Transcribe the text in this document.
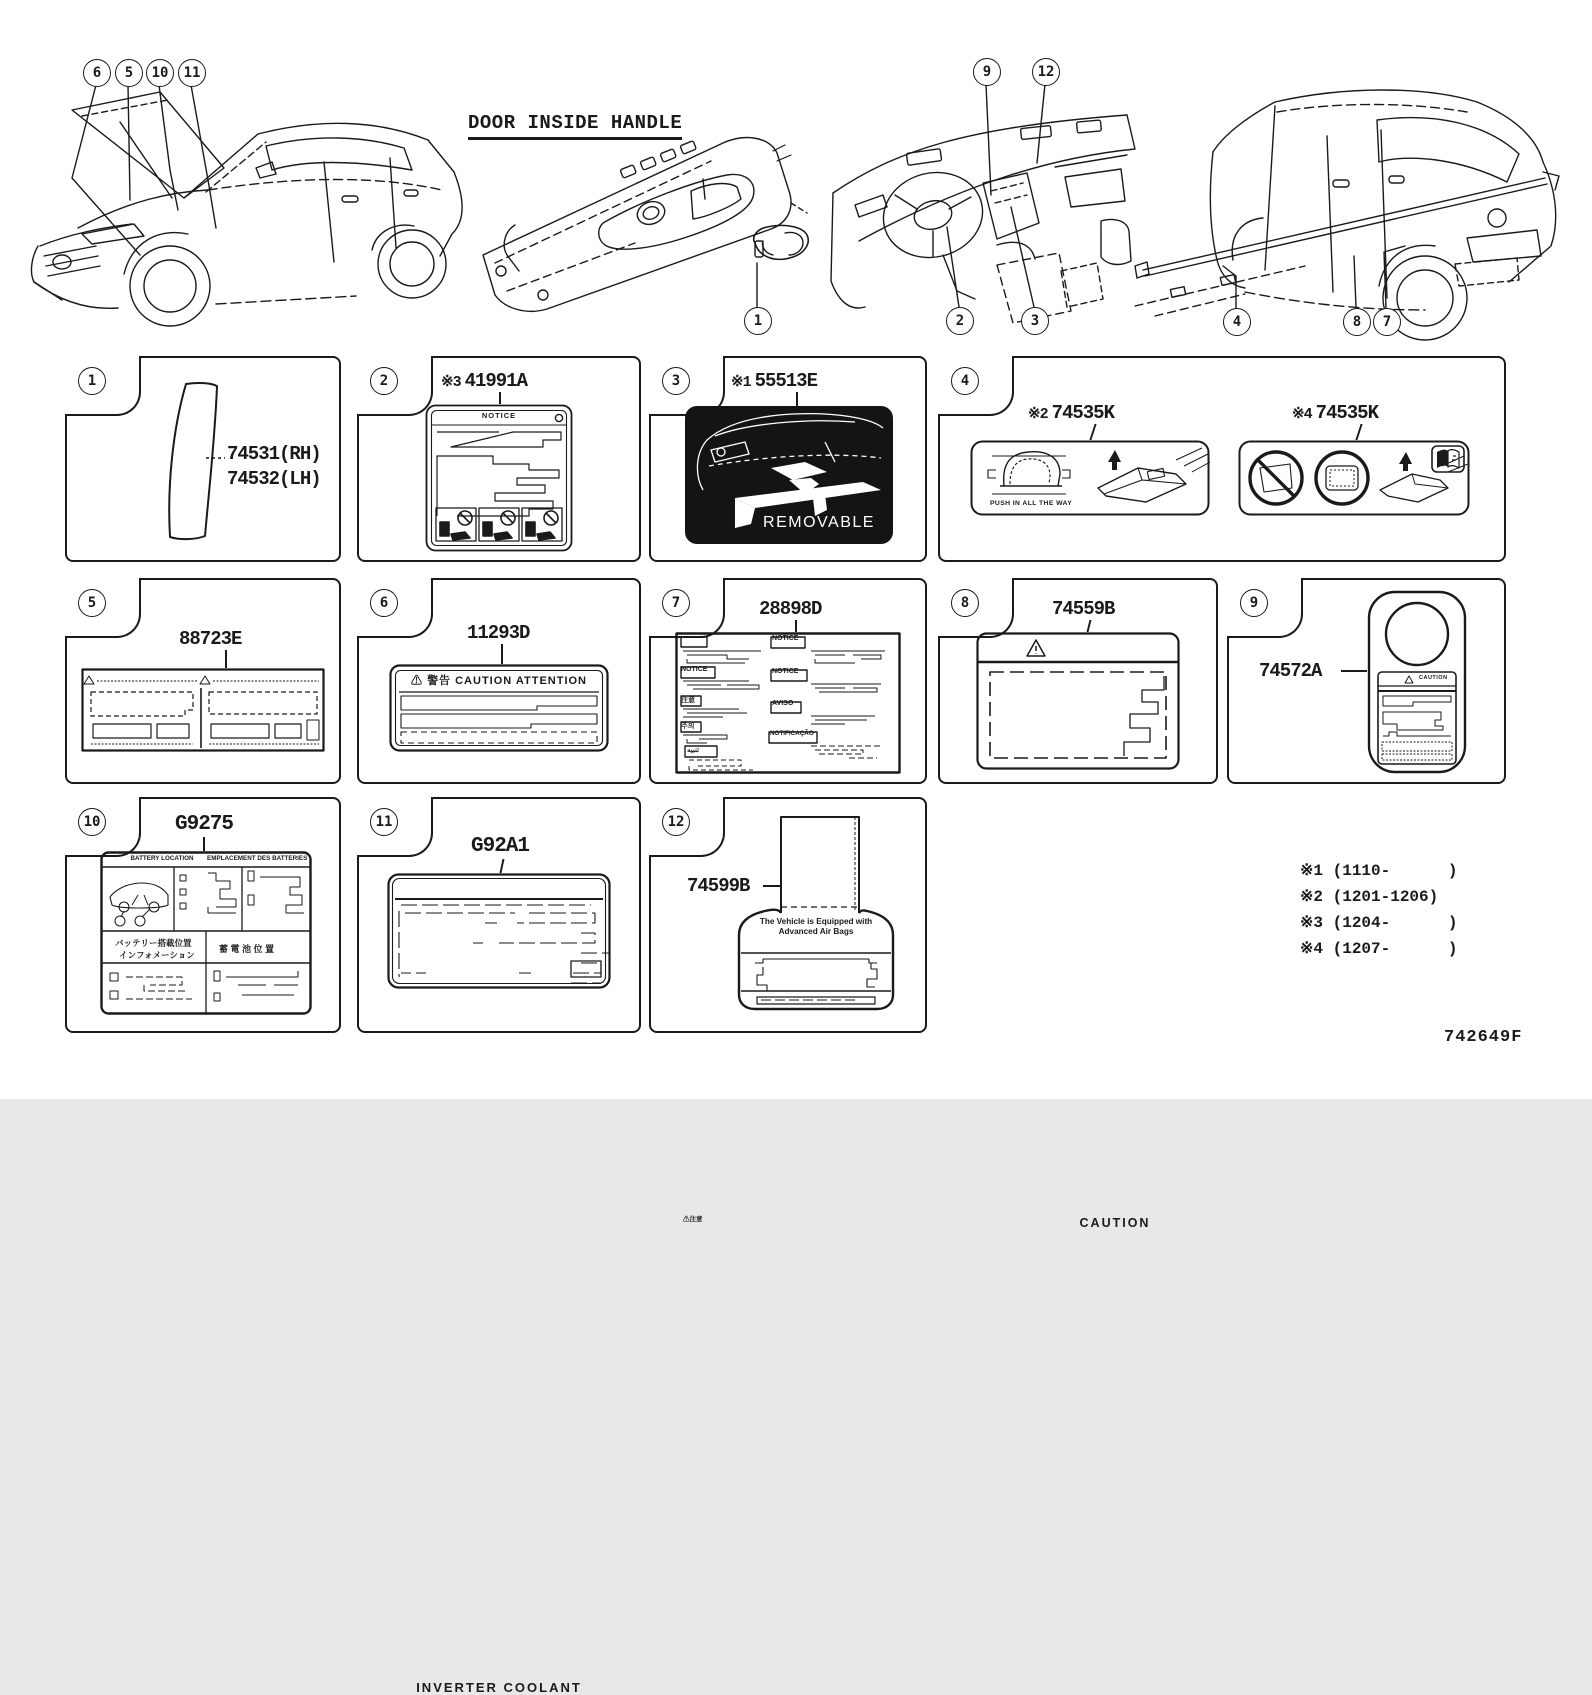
DOOR INSIDE HANDLE
6	5	10	11
1
9	12
2	3	4	8	7
1
74531(RH)
74532(LH)
2	※3 41991A
NOTICE
3	※1 55513E
REMOVABLE
4
※2 74535K	※4 74535K
PUSH IN ALL THE WAY
5
88723E
6
11293D
⚠ 警告 CAUTION ATTENTION
7	28898D
⚠注意
NOTICE
注意
주의
تنبيه
NOTICE
NOTICE
AVISO
NOTIFICAÇÃO
8	74559B
CAUTION
9
74572A	CAUTION
10	G9275
BATTERY LOCATION	EMPLACEMENT DES BATTERIES
バッテリー搭載位置
インフォメーション
蓄 電 池 位 置
11
G92A1
INVERTER COOLANT
12
74599B
The Vehicle is Equipped with
Advanced Air Bags
※1 (1110-      )
※2 (1201-1206)
※3 (1204-      )
※4 (1207-      )
742649F
